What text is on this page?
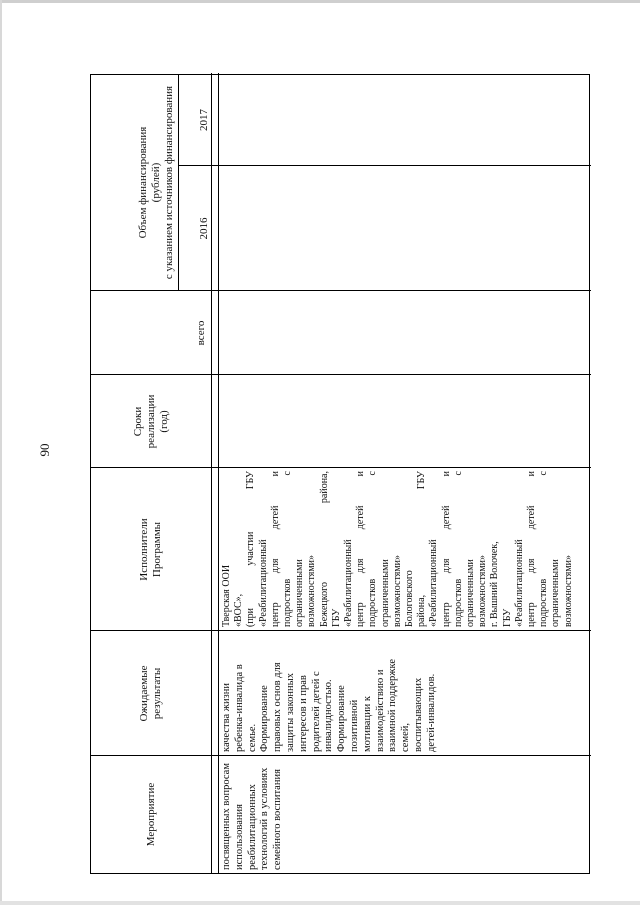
90
Мероприятие
Ожидаемые результаты
Исполнители Программы
Сроки реализации (год)
Объем финансирования (рублей) с указанием источников финансирования
всего
2016
2017
посвященных вопросам использования реабилитационных технологий в условиях семейного воспитания
качества жизни ребенка-инвалида в семье. Формирование правовых основ для защиты законных интересов и прав родителей детей с инвалидностью. Формирование позитивной мотивации к взаимодействию и взаимной поддержке семей, воспитывающих детей-инвалидов.
Тверская ООИ «ВОС», (при участии ГБУ «Реабилитационный центр для детей и подростков с ограниченными возможностями» Бежецкого района, ГБУ «Реабилитационный центр для детей и подростков с ограниченными возможностями» Бологовского района, ГБУ «Реабилитационный центр для детей и подростков с ограниченными возможностями» г. Вышний Волочек, ГБУ «Реабилитационный центр для детей и подростков с ограниченными возможностями»
